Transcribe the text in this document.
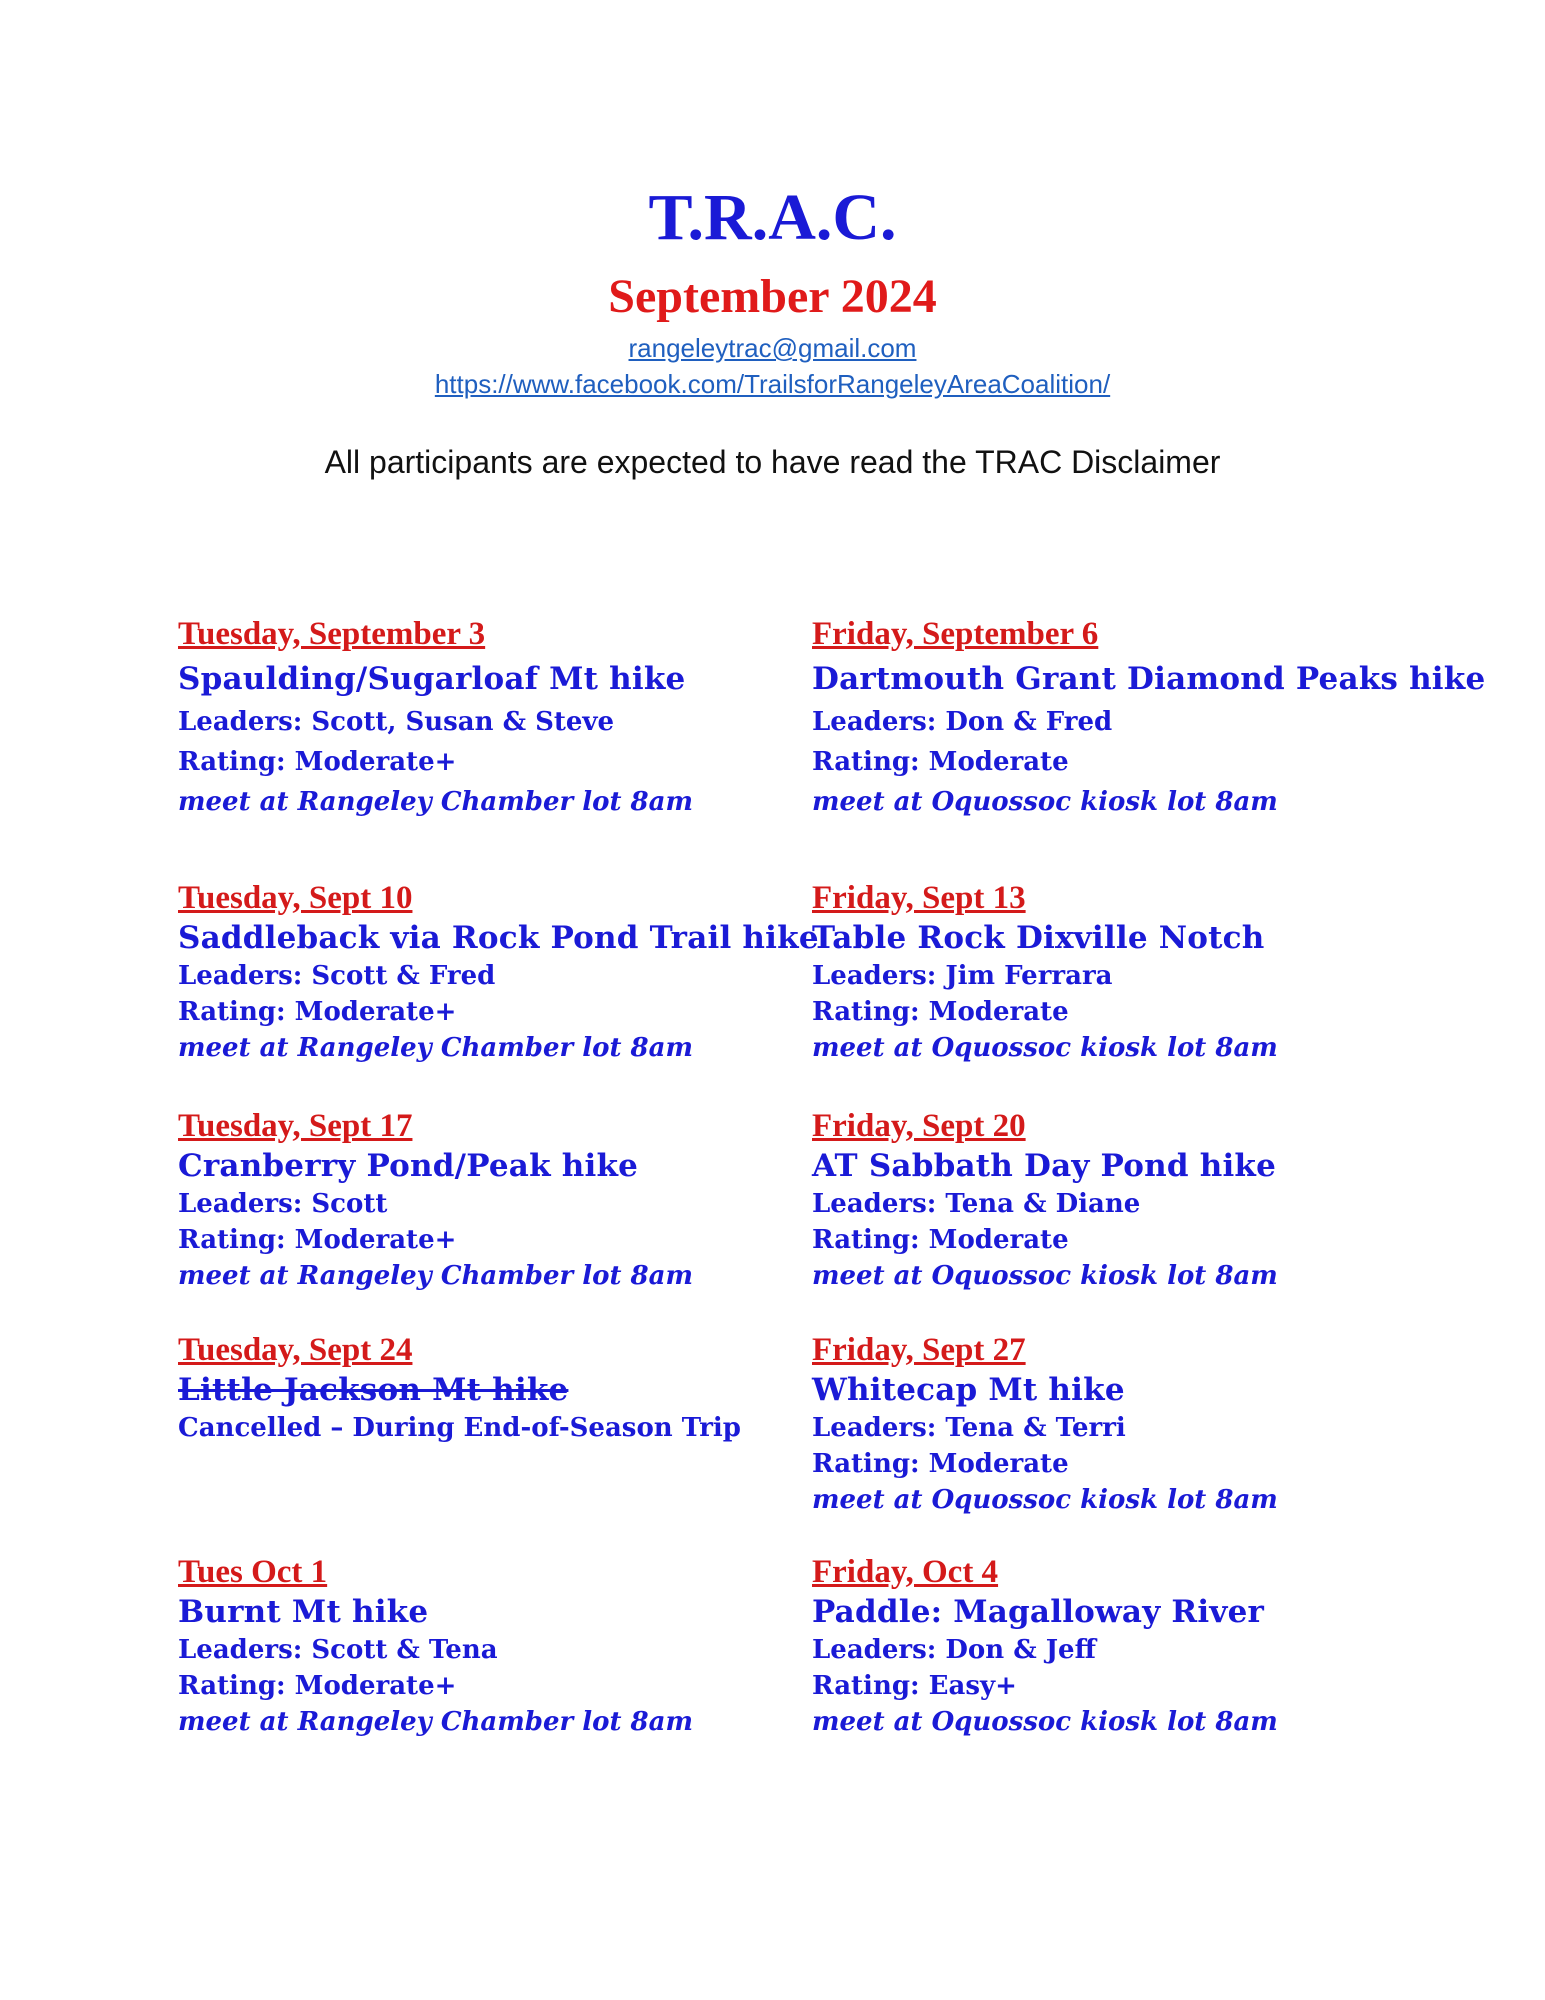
T.R.A.C.
September 2024
rangeleytrac@gmail.com
https://www.facebook.com/TrailsforRangeleyAreaCoalition/
All participants are expected to have read the TRAC Disclaimer
Tuesday, September 3
Spaulding/Sugarloaf Mt hike
Leaders: Scott, Susan & Steve
Rating: Moderate+
meet at Rangeley Chamber lot 8am
Friday, September 6
Dartmouth Grant Diamond Peaks hike
Leaders: Don & Fred
Rating: Moderate
meet at Oquossoc kiosk lot 8am
Tuesday, Sept 10
Saddleback via Rock Pond Trail hike
Leaders: Scott & Fred
Rating: Moderate+
meet at Rangeley Chamber lot 8am
Friday, Sept 13
Table Rock Dixville Notch
Leaders: Jim Ferrara
Rating: Moderate
meet at Oquossoc kiosk lot 8am
Tuesday, Sept 17
Cranberry Pond/Peak hike
Leaders: Scott
Rating: Moderate+
meet at Rangeley Chamber lot 8am
Friday, Sept 20
AT Sabbath Day Pond hike
Leaders: Tena & Diane
Rating: Moderate
meet at Oquossoc kiosk lot 8am
Tuesday, Sept 24
Little Jackson Mt hike
Cancelled – During End-of-Season Trip
Friday, Sept 27
Whitecap Mt hike
Leaders: Tena & Terri
Rating: Moderate
meet at Oquossoc kiosk lot 8am
Tues Oct 1
Burnt Mt hike
Leaders: Scott & Tena
Rating: Moderate+
meet at Rangeley Chamber lot 8am
Friday, Oct 4
Paddle: Magalloway River
Leaders: Don & Jeff
Rating: Easy+
meet at Oquossoc kiosk lot 8am
